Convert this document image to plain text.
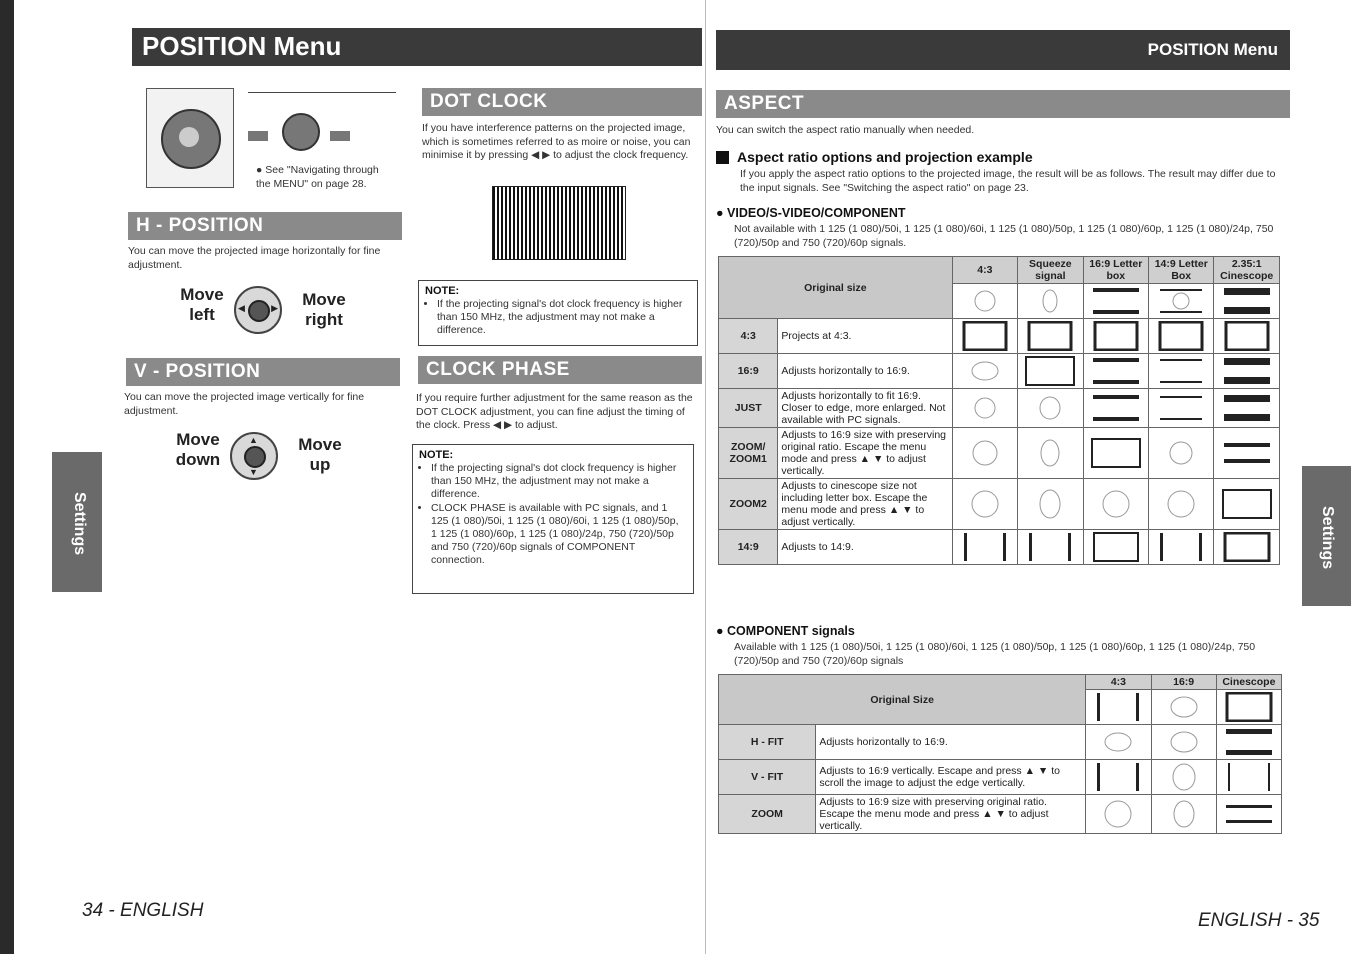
POSITION Menu
● See "Navigating through the MENU" on page 28.
H - POSITION
You can move the projected image horizontally for fine adjustment.
Move left	◀	▶	Move right
V - POSITION
You can move the projected image vertically for fine adjustment.
Move down
▲
▼
Move up
DOT CLOCK
If you have interference patterns on the projected image, which is sometimes referred to as moire or noise, you can minimise it by pressing ◀ ▶ to adjust the clock frequency.
NOTE:
• If the projecting signal's dot clock frequency is higher than 150 MHz, the adjustment may not make a difference.
CLOCK PHASE
If you require further adjustment for the same reason as the DOT CLOCK adjustment, you can fine adjust the timing of the clock. Press ◀ ▶ to adjust.
NOTE:
• If the projecting signal's dot clock frequency is higher than 150 MHz, the adjustment may not make a difference.
• CLOCK PHASE is available with PC signals, and 1 125 (1 080)/50i, 1 125 (1 080)/60i, 1 125 (1 080)/50p, 1 125 (1 080)/60p, 1 125 (1 080)/24p, 750 (720)/50p and 750 (720)/60p signals of COMPONENT connection.
Settings
34 - ENGLISH
POSITION Menu
ASPECT
You can switch the aspect ratio manually when needed.
Aspect ratio options and projection example
If you apply the aspect ratio options to the projected image, the result will be as follows. The result may differ due to the input signals. See "Switching the aspect ratio" on page 23.
● VIDEO/S-VIDEO/COMPONENT
Not available with 1 125 (1 080)/50i, 1 125 (1 080)/60i, 1 125 (1 080)/50p, 1 125 (1 080)/60p, 1 125 (1 080)/24p, 750 (720)/50p and 750 (720)/60p signals.
Original size		4:3	Squeeze signal	16:9 Letter box	14:9 Letter Box	2.35:1 Cinescope

4:3	Projects at 4:3.	

16:9	Adjusts horizontally to 16:9.	

JUST	Adjusts horizontally to fit 16:9. Closer to edge, more enlarged. Not available with PC signals.	

ZOOM/ ZOOM1	Adjusts to 16:9 size with preserving original ratio. Escape the menu mode and press ▲ ▼ to adjust vertically.	

ZOOM2	Adjusts to cinescope size not including letter box. Escape the menu mode and press ▲ ▼ to adjust vertically.	

14:9	Adjusts to 14:9.	

● COMPONENT signals
Available with 1 125 (1 080)/50i, 1 125 (1 080)/60i, 1 125 (1 080)/50p, 1 125 (1 080)/60p, 1 125 (1 080)/24p, 750 (720)/50p and 750 (720)/60p signals
Original Size		4:3	16:9	Cinescope

H - FIT	Adjusts horizontally to 16:9.	

V - FIT	Adjusts to 16:9 vertically. Escape and press ▲ ▼ to scroll the image to adjust the edge vertically.	

ZOOM	Adjusts to 16:9 size with preserving original ratio. Escape the menu mode and press ▲ ▼ to adjust vertically.	

Settings
ENGLISH - 35
